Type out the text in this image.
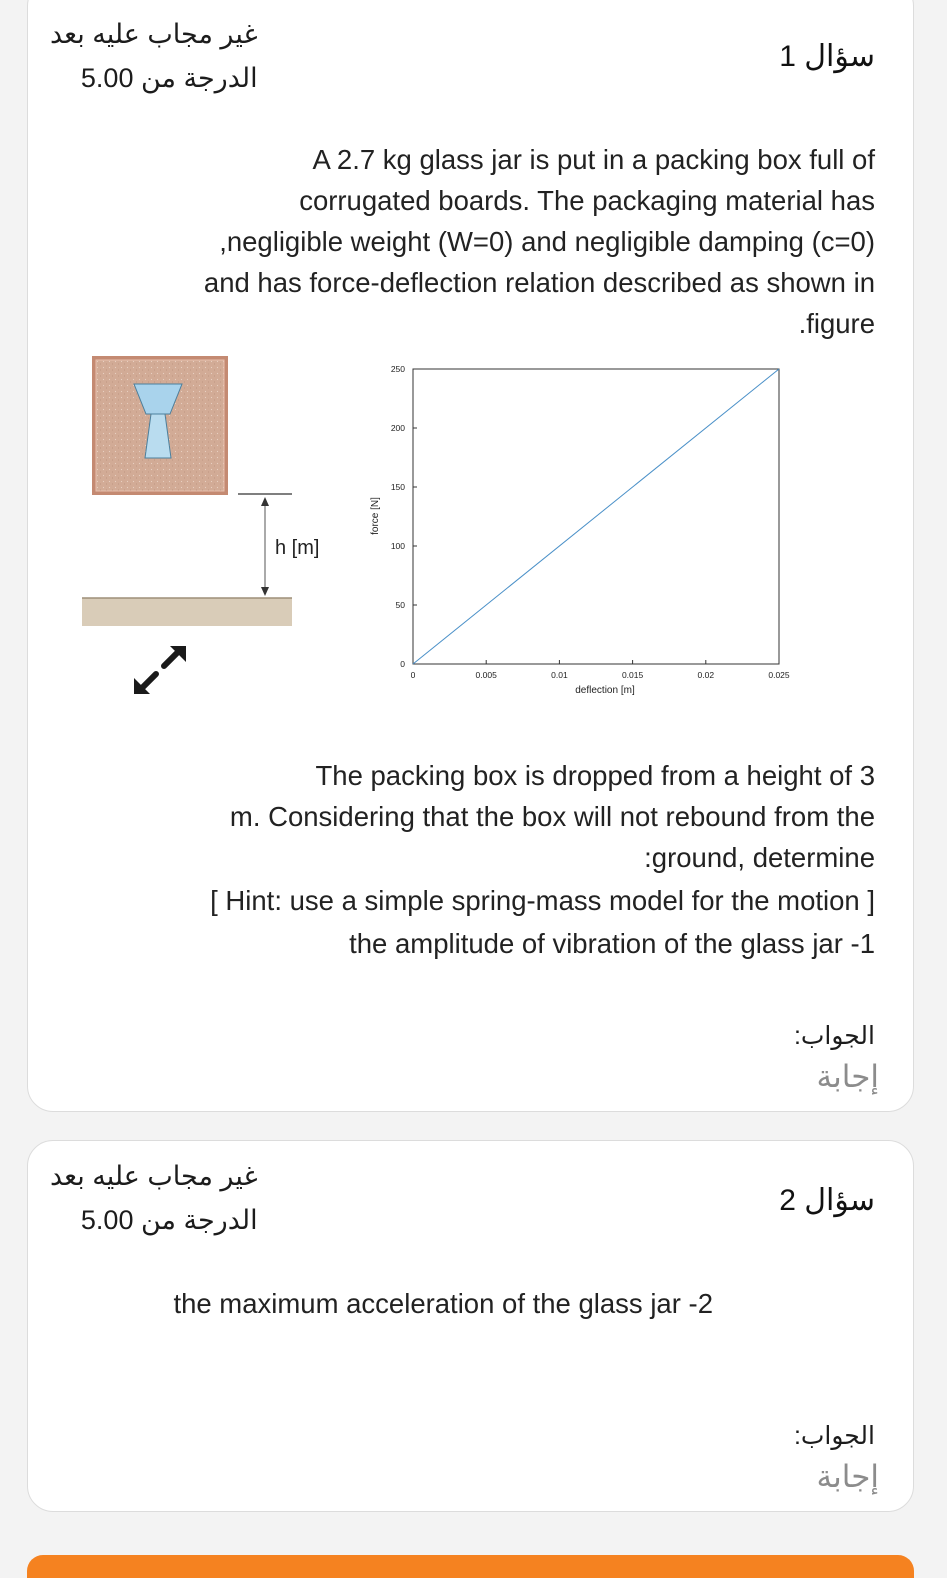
غير مجاب عليه بعد
الدرجة من 5.00
سؤال 1
A 2.7 kg glass jar is put in a packing box full of
corrugated boards. The packaging material has
negligible weight (W=0) and negligible damping (c=0),
and has force-deflection relation described as shown in
figure.
The packing box is dropped from a height of 3
m. Considering that the box will not rebound from the
ground, determine:
[ Hint: use a simple spring-mass model for the motion ]
1- the amplitude of vibration of the glass jar
الجواب:
إجابة
h [m]
0
50
100
150
200
250
0	0.005	0.01	0.015	0.02	0.025
deflection [m]
force [N]
غير مجاب عليه بعد
الدرجة من 5.00
سؤال 2
2- the maximum acceleration of the glass jar
الجواب:
إجابة
